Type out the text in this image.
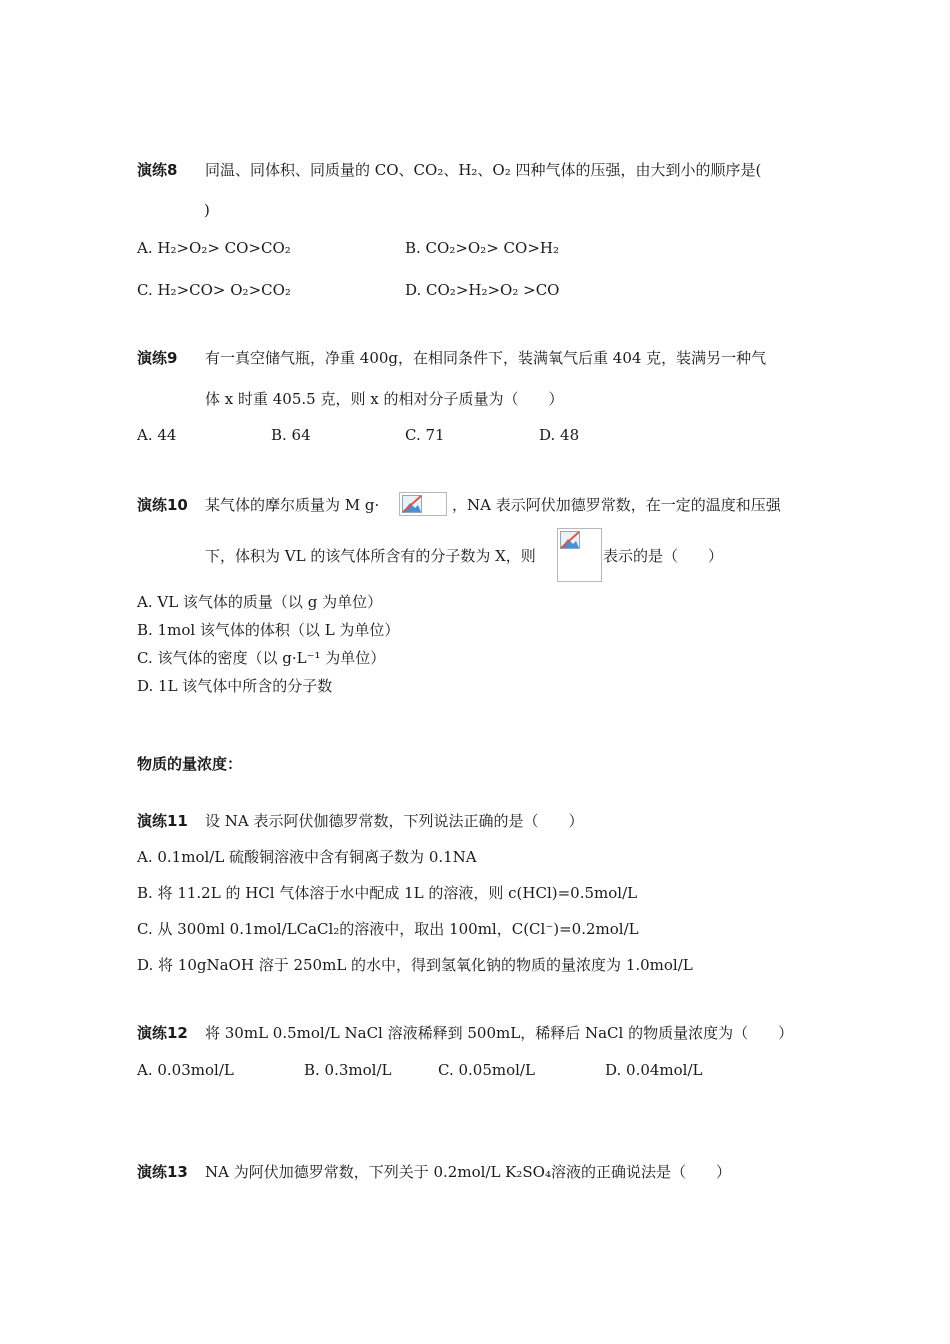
演练8 同温、同体积、同质量的 CO、CO₂、H₂、O₂ 四种气体的压强，由大到小的顺序是(
)
A. H₂>O₂> CO>CO₂	B. CO₂>O₂> CO>H₂
C. H₂>CO> O₂>CO₂	D. CO₂>H₂>O₂ >CO
演练9 有一真空储气瓶，净重 400g，在相同条件下，装满氧气后重 404 克，装满另一种气
体 x 时重 405.5 克，则 x 的相对分子质量为（　　）
A. 44	B. 64	C. 71	D. 48
演练10 某气体的摩尔质量为 M g·	，NA 表示阿伏加德罗常数，在一定的温度和压强
下，体积为 VL 的该气体所含有的分子数为 X，则	表示的是（　　）
A. VL 该气体的质量（以 g 为单位）
B. 1mol 该气体的体积（以 L 为单位）
C. 该气体的密度（以 g·L⁻¹ 为单位）
D. 1L 该气体中所含的分子数
物质的量浓度：
演练11 设 NA 表示阿伏伽德罗常数，下列说法正确的是（　　）
A. 0.1mol/L 硫酸铜溶液中含有铜离子数为 0.1NA
B. 将 11.2L 的 HCl 气体溶于水中配成 1L 的溶液，则 c(HCl)=0.5mol/L
C. 从 300ml 0.1mol/LCaCl₂的溶液中，取出 100ml，C(Cl⁻)=0.2mol/L
D. 将 10gNaOH 溶于 250mL 的水中，得到氢氧化钠的物质的量浓度为 1.0mol/L
演练12 将 30mL 0.5mol/L NaCl 溶液稀释到 500mL，稀释后 NaCl 的物质量浓度为（　　）
A. 0.03mol/L	B. 0.3mol/L	C. 0.05mol/L	D. 0.04mol/L
演练13 NA 为阿伏加德罗常数，下列关于 0.2mol/L K₂SO₄溶液的正确说法是（　　）
